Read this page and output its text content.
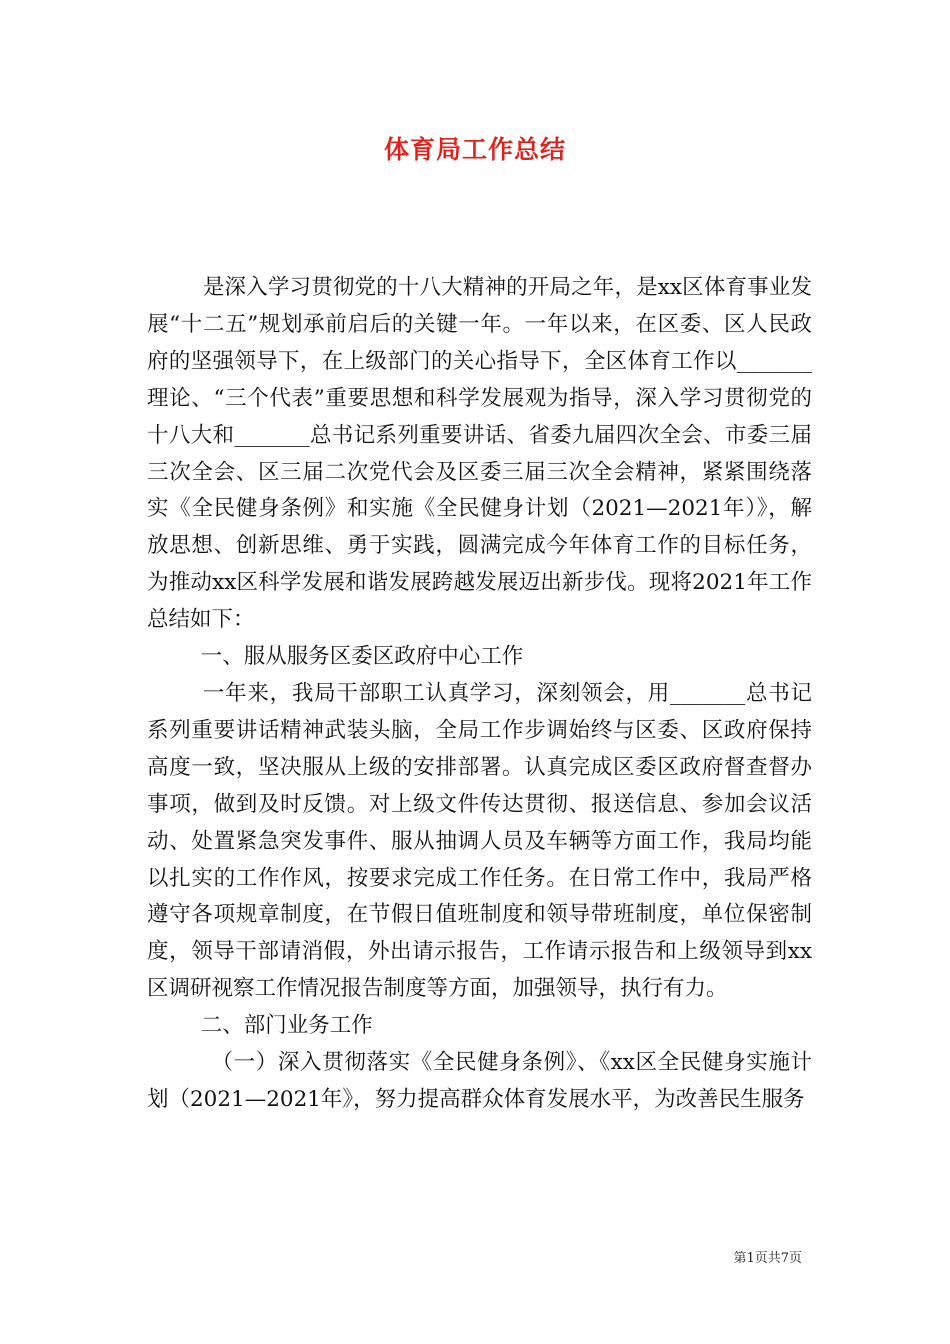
体育局工作总结

是深入学习贯彻党的十八大精神的开局之年，是xx区体育事业发展“十二五”规划承前启后的关键一年。一年以来，在区委、区人民政府的坚强领导下，在上级部门的关心指导下，全区体育工作以_______理论、“三个代表”重要思想和科学发展观为指导，深入学习贯彻党的十八大和_______总书记系列重要讲话、省委九届四次全会、市委三届三次全会、区三届二次党代会及区委三届三次全会精神，紧紧围绕落实《全民健身条例》和实施《全民健身计划（2021—2021年）》，解放思想、创新思维、勇于实践，圆满完成今年体育工作的目标任务，为推动xx区科学发展和谐发展跨越发展迈出新步伐。现将2021年工作总结如下：

一、服从服务区委区政府中心工作

一年来，我局干部职工认真学习，深刻领会，用_______总书记系列重要讲话精神武装头脑，全局工作步调始终与区委、区政府保持高度一致，坚决服从上级的安排部署。认真完成区委区政府督查督办事项，做到及时反馈。对上级文件传达贯彻、报送信息、参加会议活动、处置紧急突发事件、服从抽调人员及车辆等方面工作，我局均能以扎实的工作作风，按要求完成工作任务。在日常工作中，我局严格遵守各项规章制度，在节假日值班制度和领导带班制度，单位保密制度，领导干部请消假，外出请示报告，工作请示报告和上级领导到xx区调研视察工作情况报告制度等方面，加强领导，执行有力。

二、部门业务工作

（一）深入贯彻落实《全民健身条例》、《xx区全民健身实施计划（2021—2021年》，努力提高群众体育发展水平，为改善民生服务

第1页共7页
